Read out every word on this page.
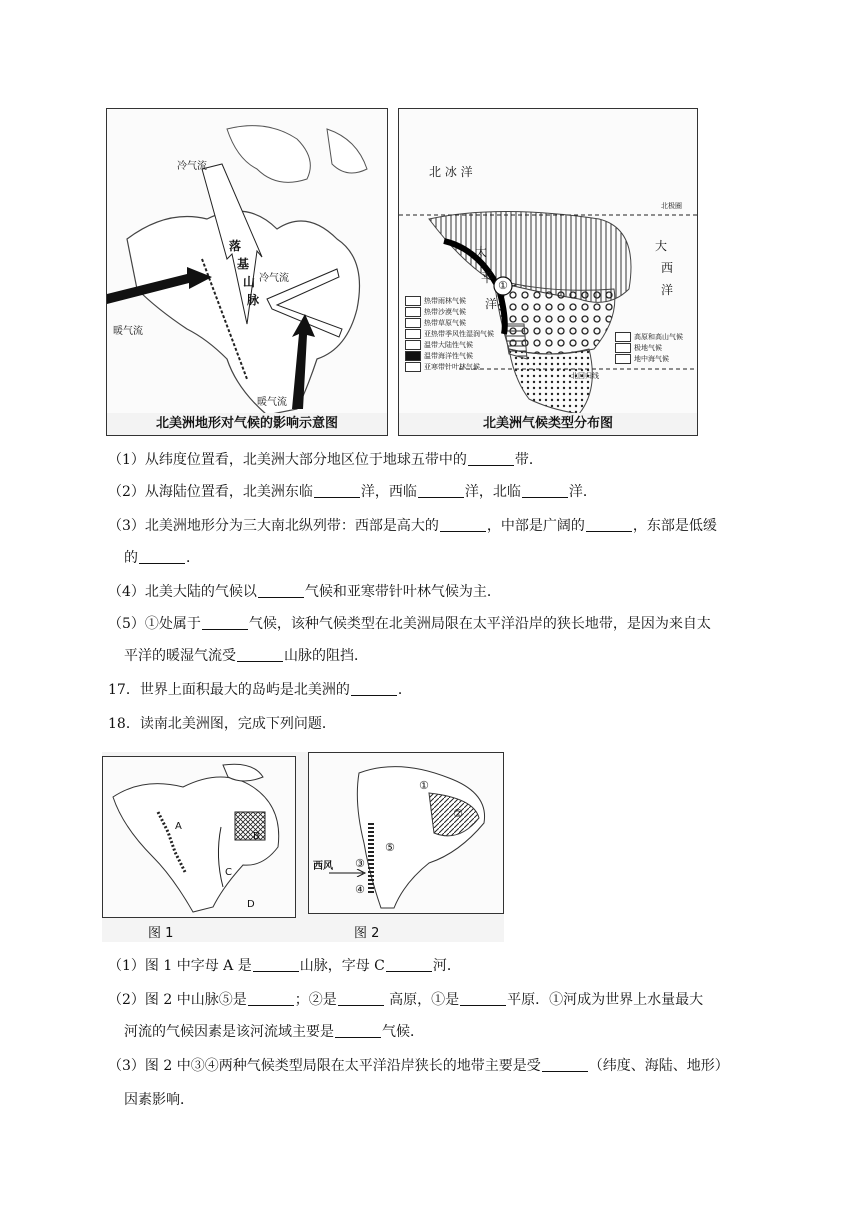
冷气流
冷气流
暖气流
暖气流
落
基
山
脉
北美洲地形对气候的影响示意图
北 冰 洋
北极圈
北回归线
①
太
平
洋
大
西
洋
热带雨林气候
热带沙漠气候
热带草原气候
亚热带季风性湿润气候
温带大陆性气候
温带海洋性气候
亚寒带针叶林气候
高原和高山气候
极地气候
地中海气候
北美洲气候类型分布图
（1）从纬度位置看，北美洲大部分地区位于地球五带中的	带．
（2）从海陆位置看，北美洲东临	洋，西临	洋，北临	洋．
（3）北美洲地形分为三大南北纵列带：西部是高大的	，中部是广阔的	，东部是低缓
的	．
（4）北美大陆的气候以	气候和亚寒带针叶林气候为主．
（5）①处属于	气候，该种气候类型在北美洲局限在太平洋沿岸的狭长地带，是因为来自太
平洋的暖湿气流受	山脉的阻挡．
17．世界上面积最大的岛屿是北美洲的	．
18．读南北美洲图，完成下列问题．
A
B
C
D
①
②
⑤
③
④
西风
图 1	图 2
（1）图 1 中字母 A 是	山脉，字母 C	河．
（2）图 2 中山脉⑤是	；②是	高原，①是	平原．①河成为世界上水量最大
河流的气候因素是该河流域主要是	气候．
（3）图 2 中③④两种气候类型局限在太平洋沿岸狭长的地带主要是受	（纬度、海陆、地形）
因素影响．
